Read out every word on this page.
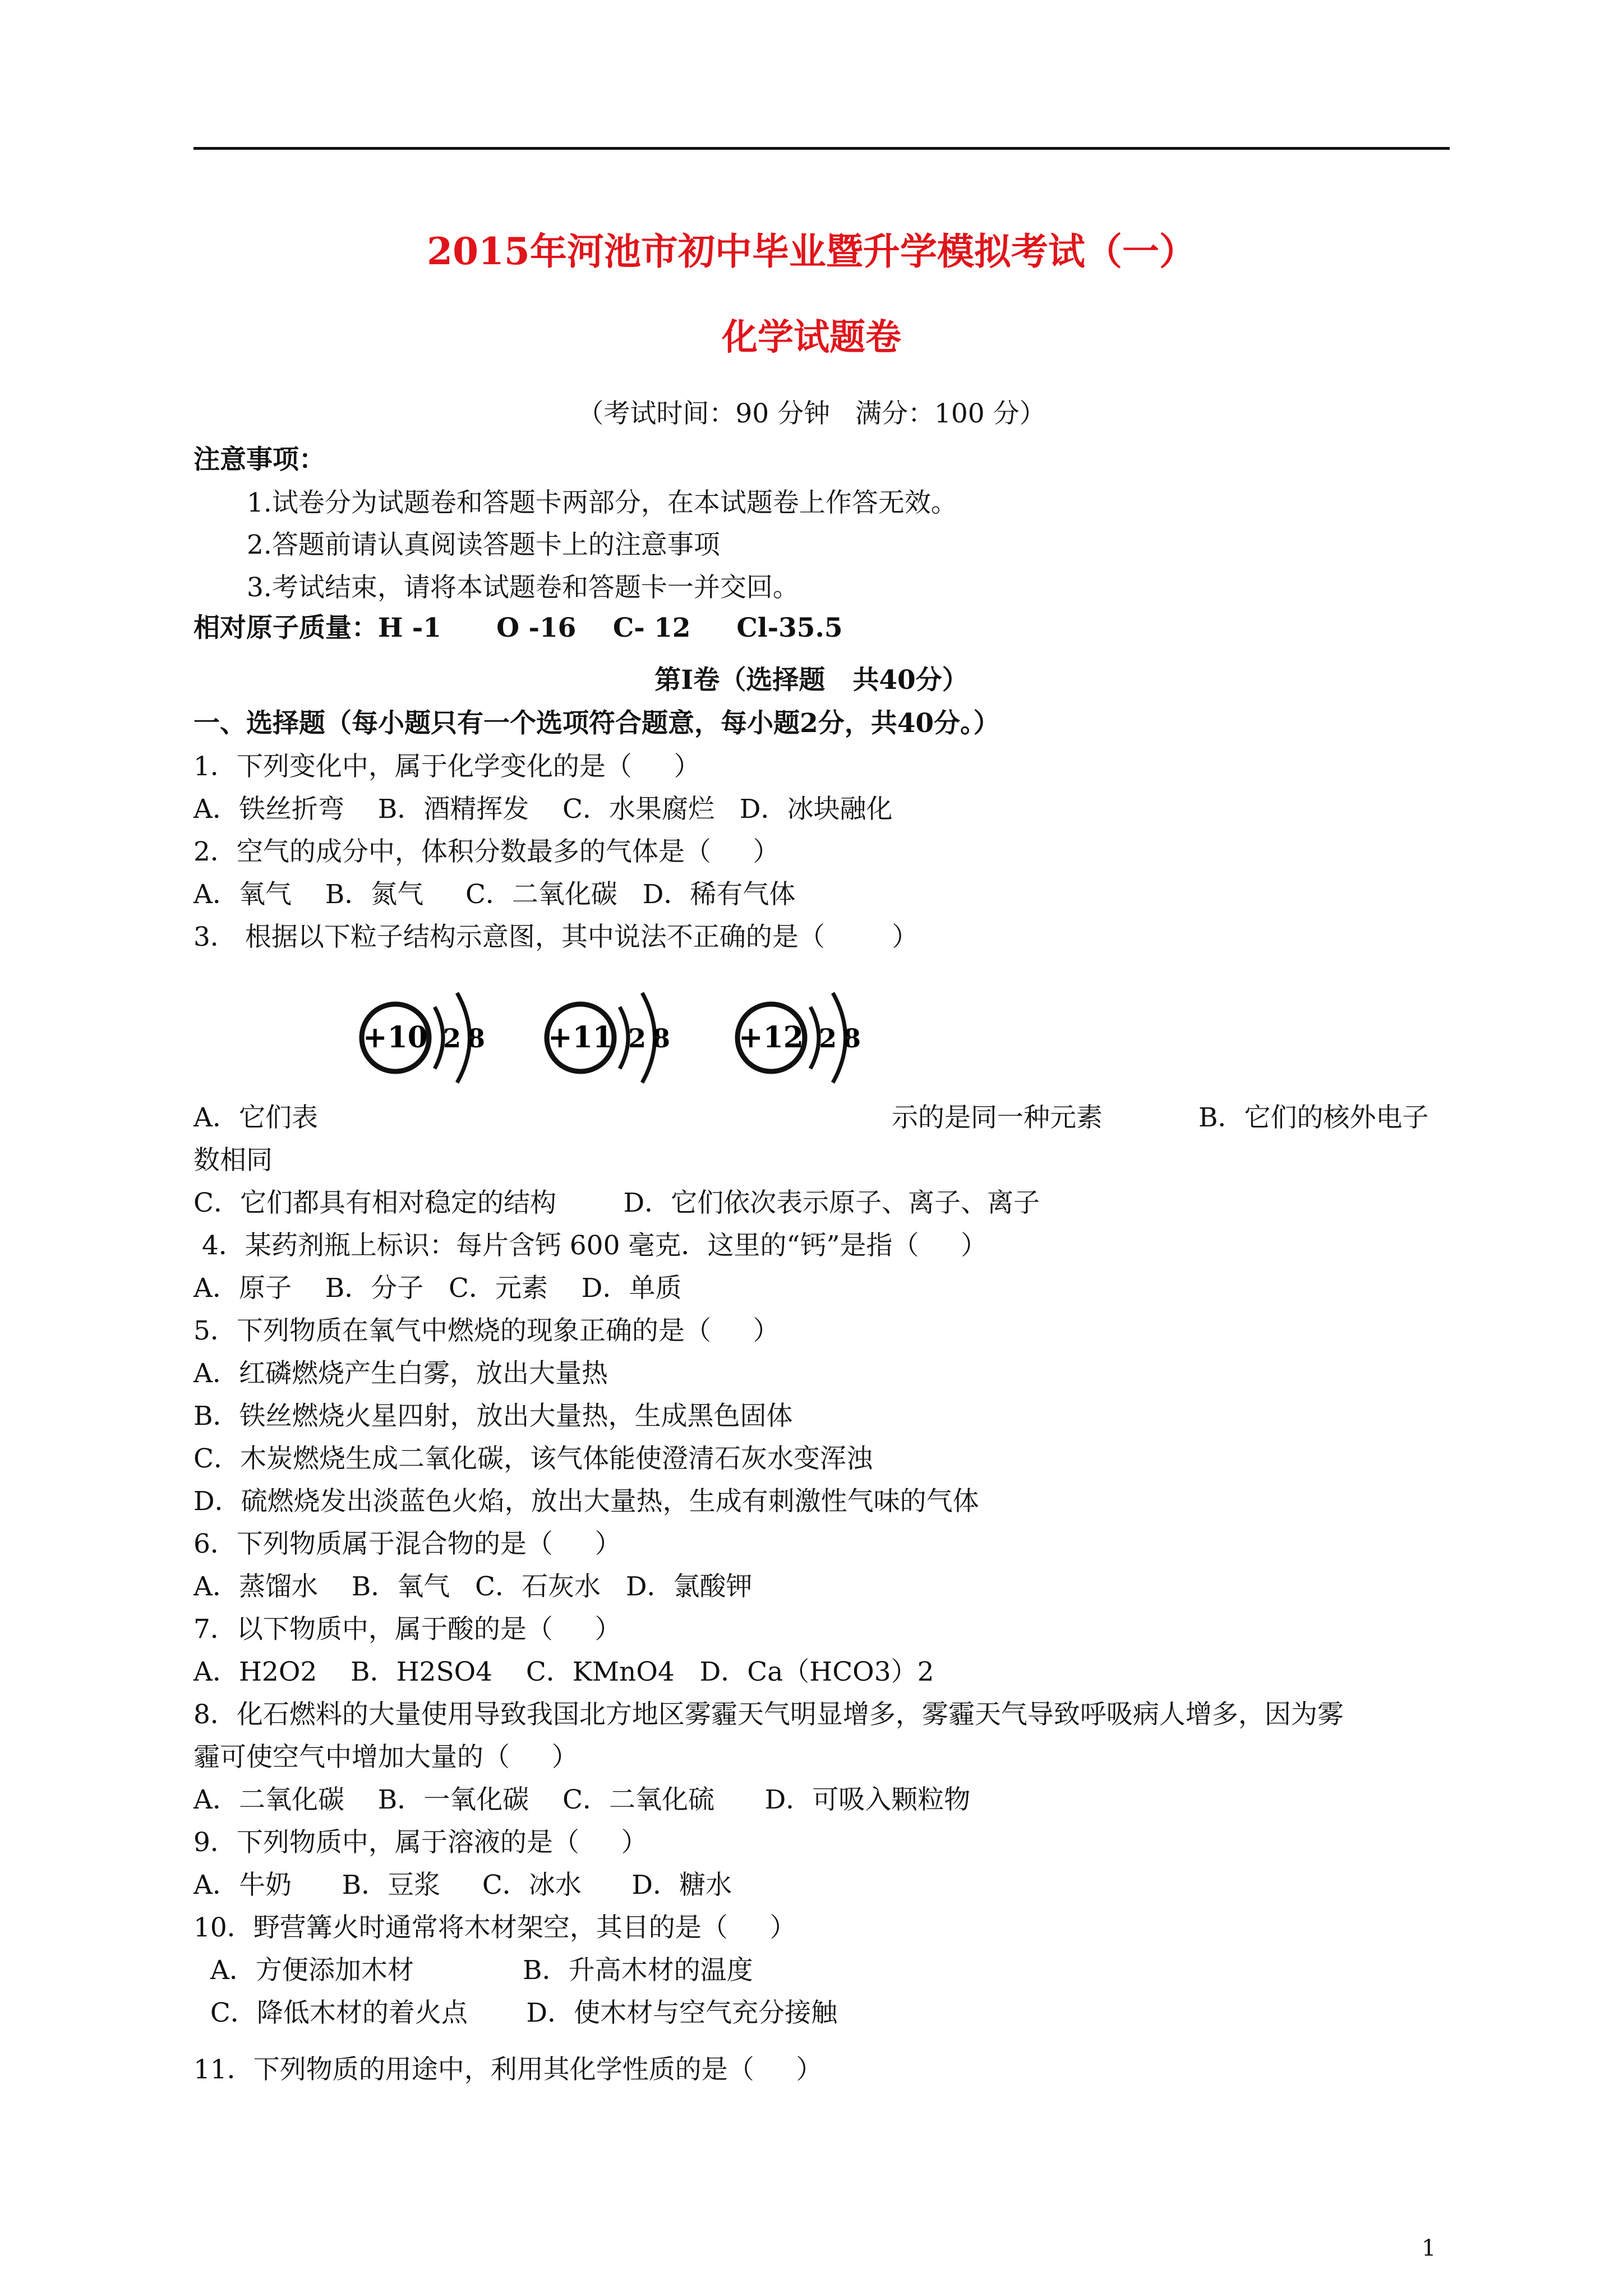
2015年河池市初中毕业暨升学模拟考试（一）
化学试题卷
（考试时间：90 分钟   满分：100 分）
注意事项：
1.试卷分为试题卷和答题卡两部分，在本试题卷上作答无效。
2.答题前请认真阅读答题卡上的注意事项
3.考试结束，请将本试题卷和答题卡一并交回。
相对原子质量：H -1      O -16    C- 12     Cl-35.5
第Ⅰ卷（选择题   共40分）
一、选择题（每小题只有一个选项符合题意，每小题2分，共40分。）
1．下列变化中，属于化学变化的是（     ）
A．铁丝折弯    B．酒精挥发    C．水果腐烂   D．冰块融化
2．空气的成分中，体积分数最多的气体是（     ）
A．氧气    B．氮气     C．二氧化碳   D．稀有气体
3． 根据以下粒子结构示意图，其中说法不正确的是（        ）
+10 2 8 +11 2 8 +12 2 8
A．它们表	示的是同一种元素	B．它们的核外电子
数相同
C．它们都具有相对稳定的结构        D．它们依次表示原子、离子、离子
4．某药剂瓶上标识：每片含钙 600 毫克．这里的“钙”是指（     ）
A．原子    B．分子   C．元素    D．单质
5．下列物质在氧气中燃烧的现象正确的是（     ）
A．红磷燃烧产生白雾，放出大量热
B．铁丝燃烧火星四射，放出大量热，生成黑色固体
C．木炭燃烧生成二氧化碳，该气体能使澄清石灰水变浑浊
D．硫燃烧发出淡蓝色火焰，放出大量热，生成有刺激性气味的气体
6．下列物质属于混合物的是（     ）
A．蒸馏水    B．氧气   C．石灰水   D．氯酸钾
7．以下物质中，属于酸的是（     ）
A．H2O2    B．H2SO4    C．KMnO4   D．Ca（HCO3）2
8．化石燃料的大量使用导致我国北方地区雾霾天气明显增多，雾霾天气导致呼吸病人增多，因为雾
霾可使空气中增加大量的（     ）
A．二氧化碳    B．一氧化碳    C．二氧化硫      D．可吸入颗粒物
9．下列物质中，属于溶液的是（     ）
A．牛奶      B．豆浆     C．冰水      D．糖水
10．野营篝火时通常将木材架空，其目的是（     ）
A．方便添加木材             B．升高木材的温度
C．降低木材的着火点       D．使木材与空气充分接触
11．下列物质的用途中，利用其化学性质的是（     ）
1
